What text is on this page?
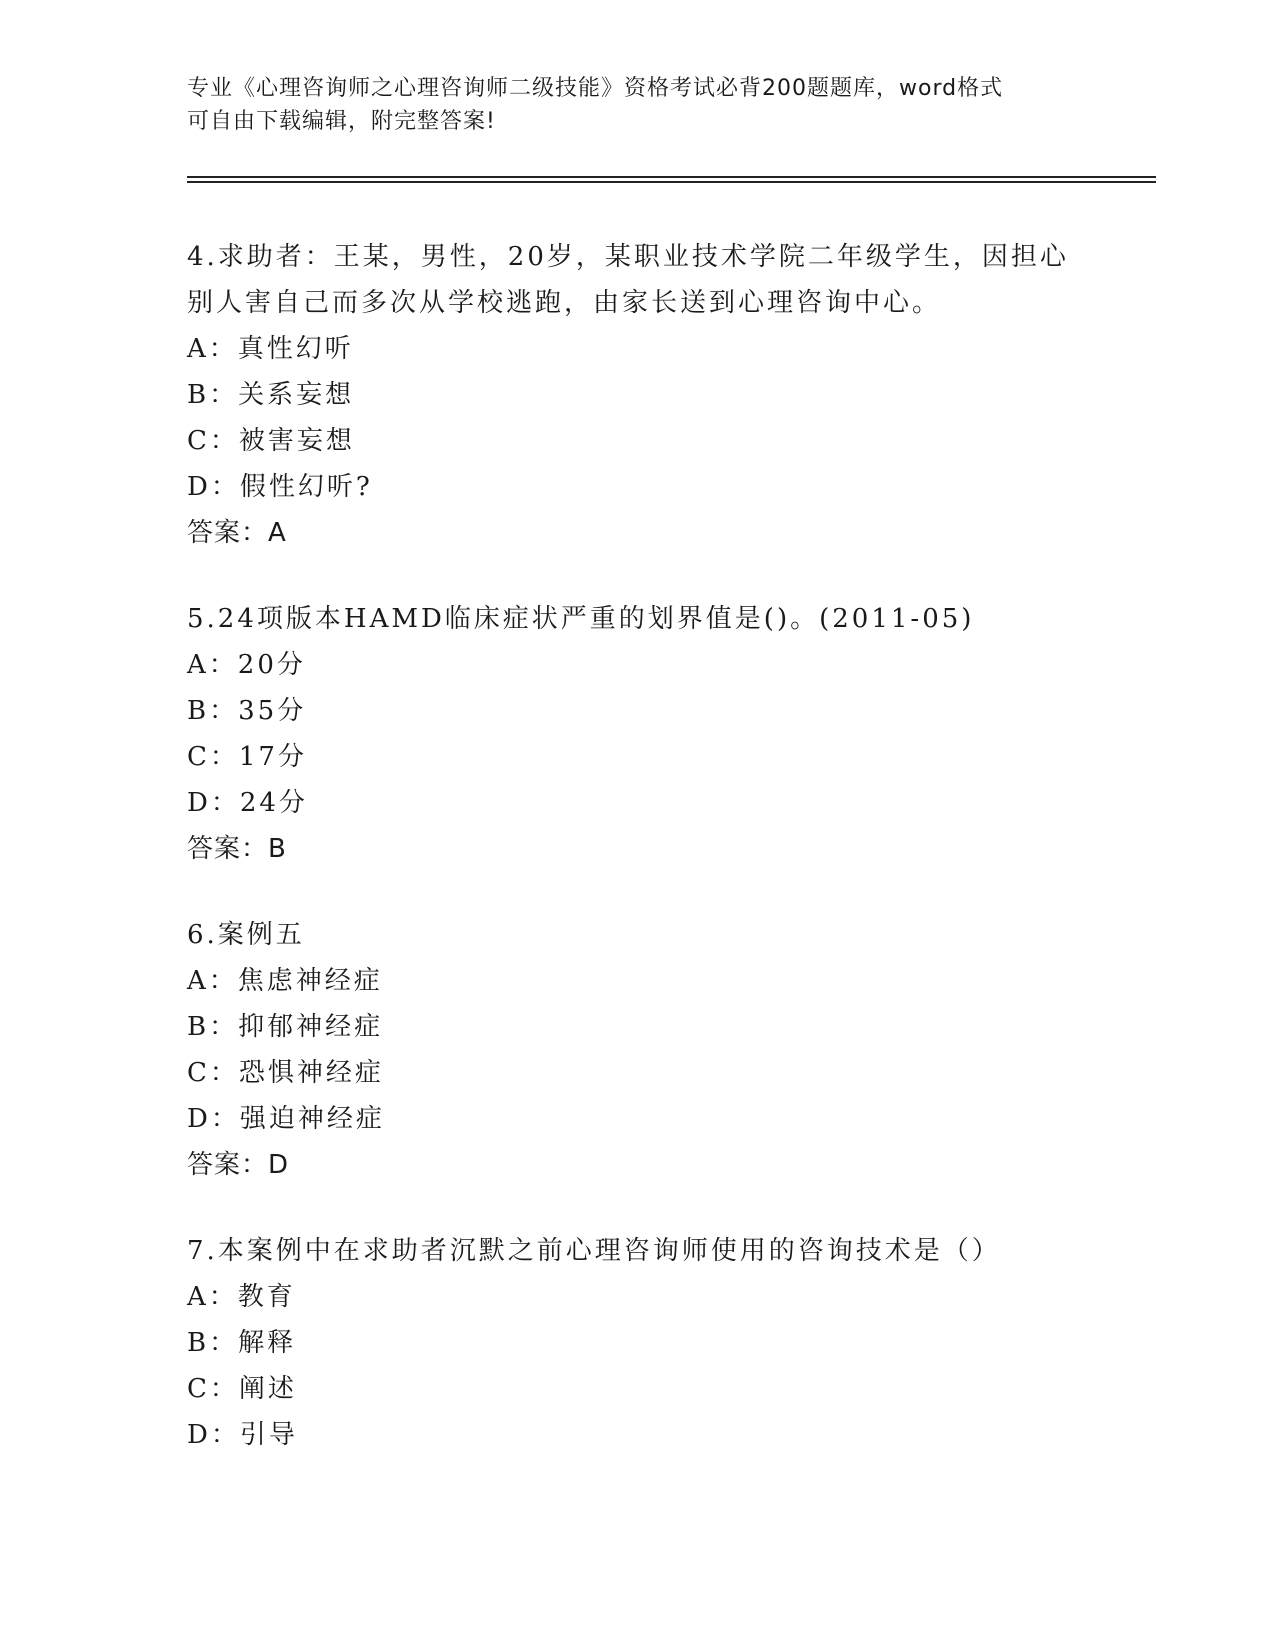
专业《心理咨询师之心理咨询师二级技能》资格考试必背200题题库，word格式
可自由下载编辑，附完整答案!
4.求助者：王某，男性，20岁，某职业技术学院二年级学生，因担心
别人害自己而多次从学校逃跑，由家长送到心理咨询中心。
A：真性幻听
B：关系妄想
C：被害妄想
D：假性幻听?
答案：A
5.24项版本HAMD临床症状严重的划界值是()。(2011-05)
A：20分
B：35分
C：17分
D：24分
答案：B
6.案例五
A：焦虑神经症
B：抑郁神经症
C：恐惧神经症
D：强迫神经症
答案：D
7.本案例中在求助者沉默之前心理咨询师使用的咨询技术是（）
A：教育
B：解释
C：阐述
D：引导
